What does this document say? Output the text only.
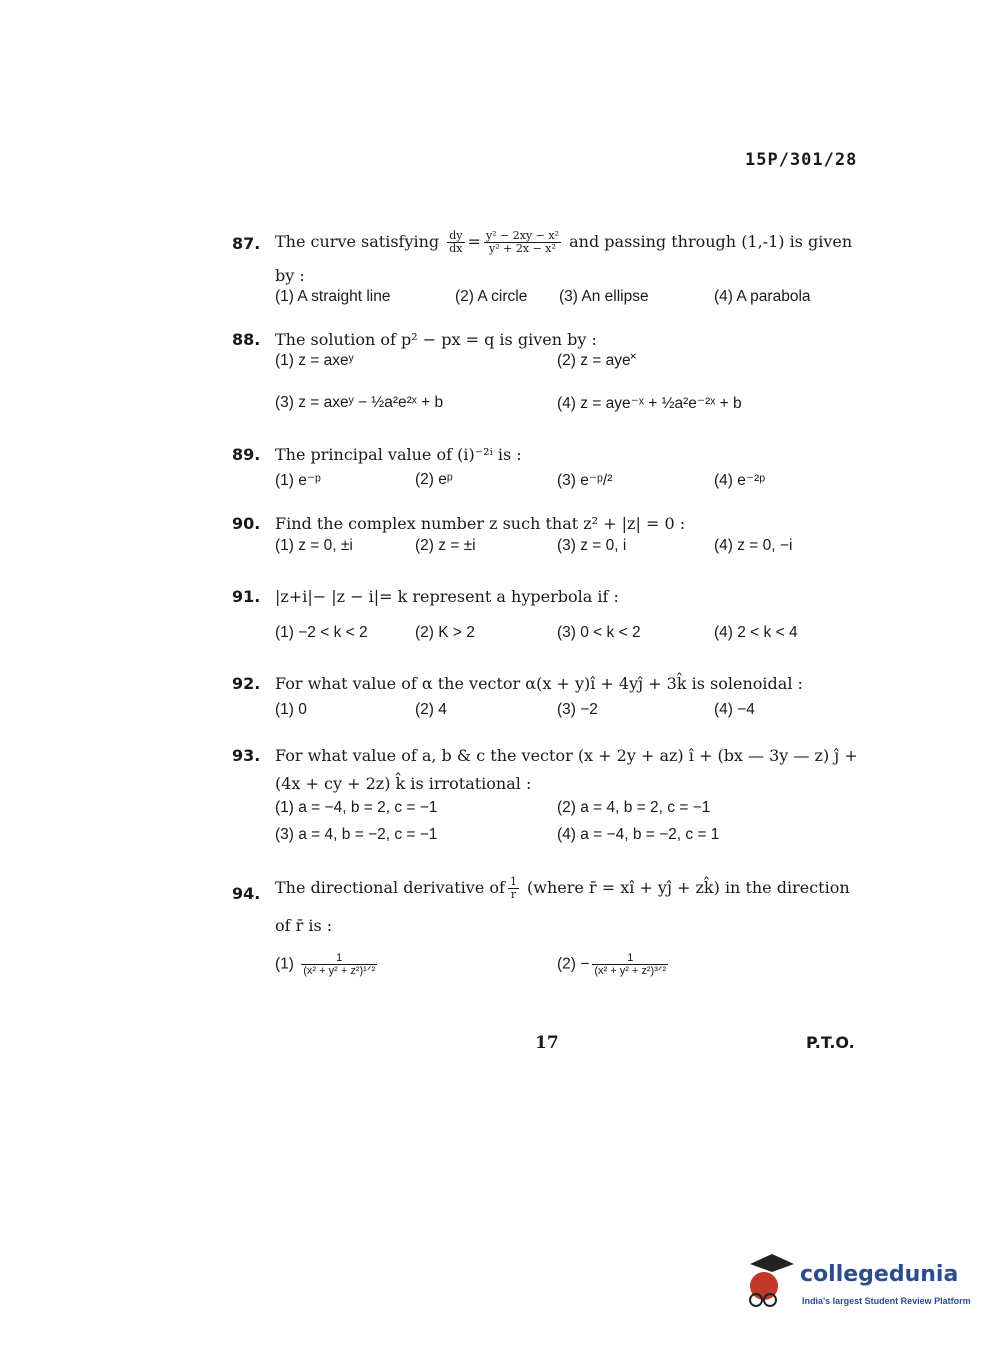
15P/301/28
87. The curve satisfying $\frac{dy}{dx} = \frac{\text{y² − 2xy − x²}}{\text{y² + 2x − x²}}$ and passing through (1,-1) is given
by :
(1) A straight line	(2) A circle (3) An ellipse	(4) A parabola
88. The solution of p² − px = q is given by :
(1) z = axeʸ	(2) z = aye˟
(3) z = axeʸ − ½a²e²ˣ + b	(4) z = aye⁻ˣ + ½a²e⁻²ˣ + b
89. The principal value of (i)⁻²ⁱ is :
(1) e⁻ᵖ	(2) eᵖ	(3) e⁻ᵖ/²	(4) e⁻²ᵖ
90. Find the complex number z such that z² + |z| = 0 :
(1) z = 0, ±i	(2) z = ±i	(3) z = 0, i	(4) z = 0, −i
91. |z+i|− |z − i|= k represent a hyperbola if :
(1) −2 < k < 2	(2) K > 2	(3) 0 < k < 2	(4) 2 < k < 4
92. For what value of α the vector α(x + y)î + 4yĵ + 3k̂ is solenoidal :
(1) 0	(2) 4	(3) −2	(4) −4
93. For what value of a, b & c the vector (x + 2y + az) î + (bx — 3y — z) ĵ +
(4x + cy + 2z) k̂ is irrotational :
(1) a = −4, b = 2, c = −1	(2) a = 4, b = 2, c = −1
(3) a = 4, b = −2, c = −1	(4) a = −4, b = −2, c = 1
94. The directional derivative of $\frac{1}{r}$ (where r̄ = xî + yĵ + zk̂) in the direction
of r̄ is :
$(1) \frac{1}{\text{(x² + y² + z²)¹ᐟ²}}$	$(2) - \frac{1}{\text{(x² + y² + z²)³ᐟ²}}$
17	P.T.O.
collegedunia
India's largest Student Review Platform
